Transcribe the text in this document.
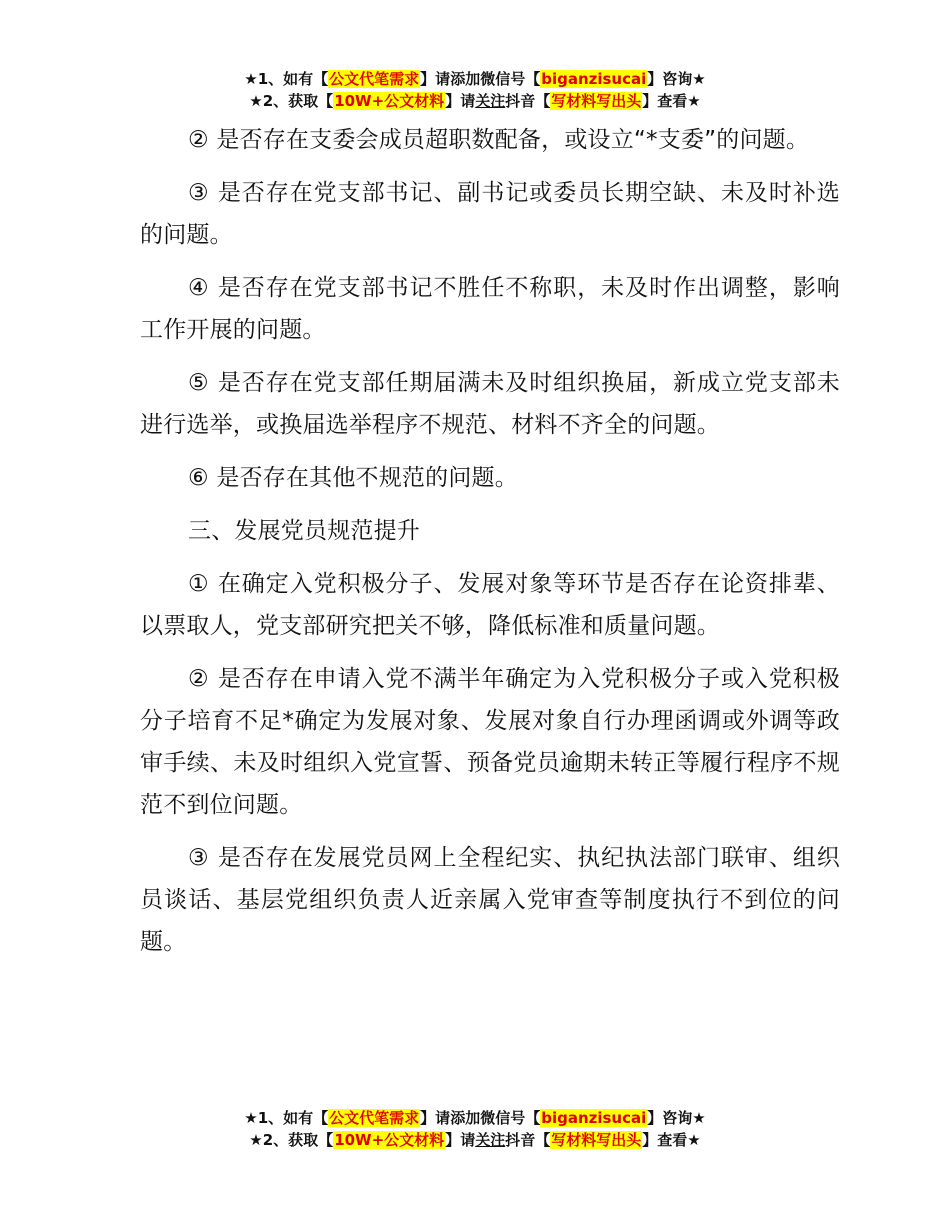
★1、如有【公文代笔需求】请添加微信号【biganzisucai】咨询★
★2、获取【10W+公文材料】请关注抖音【写材料写出头】查看★

② 是否存在支委会成员超职数配备，或设立“*支委”的问题。

③ 是否存在党支部书记、副书记或委员长期空缺、未及时补选的问题。

④ 是否存在党支部书记不胜任不称职，未及时作出调整，影响工作开展的问题。

⑤ 是否存在党支部任期届满未及时组织换届，新成立党支部未进行选举，或换届选举程序不规范、材料不齐全的问题。

⑥ 是否存在其他不规范的问题。

三、发展党员规范提升

① 在确定入党积极分子、发展对象等环节是否存在论资排辈、以票取人，党支部研究把关不够，降低标准和质量问题。

② 是否存在申请入党不满半年确定为入党积极分子或入党积极分子培育不足*确定为发展对象、发展对象自行办理函调或外调等政审手续、未及时组织入党宣誓、预备党员逾期未转正等履行程序不规范不到位问题。

③ 是否存在发展党员网上全程纪实、执纪执法部门联审、组织员谈话、基层党组织负责人近亲属入党审查等制度执行不到位的问题。

★1、如有【公文代笔需求】请添加微信号【biganzisucai】咨询★
★2、获取【10W+公文材料】请关注抖音【写材料写出头】查看★
